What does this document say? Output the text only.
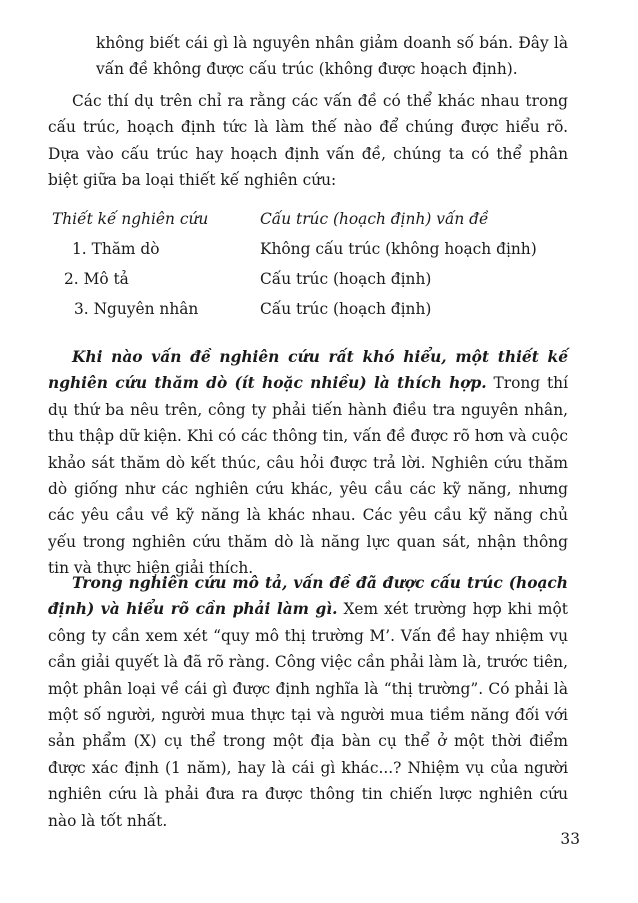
không biết cái gì là nguyên nhân giảm doanh số bán. Đây là vấn đề không được cấu trúc (không được hoạch định).
Các thí dụ trên chỉ ra rằng các vấn đề có thể khác nhau trong cấu trúc, hoạch định tức là làm thế nào để chúng được hiểu rõ. Dựa vào cấu trúc hay hoạch định vấn đề, chúng ta có thể phân biệt giữa ba loại thiết kế nghiên cứu:
Thiết kế nghiên cứu	Cấu trúc (hoạch định) vấn đề
1. Thăm dò	Không cấu trúc (không hoạch định)
2. Mô tả	Cấu trúc (hoạch định)
3. Nguyên nhân	Cấu trúc (hoạch định)
Khi nào vấn đề nghiên cứu rất khó hiểu, một thiết kế nghiên cứu thăm dò (ít hoặc nhiều) là thích hợp. Trong thí dụ thứ ba nêu trên, công ty phải tiến hành điều tra nguyên nhân, thu thập dữ kiện. Khi có các thông tin, vấn đề được rõ hơn và cuộc khảo sát thăm dò kết thúc, câu hỏi được trả lời. Nghiên cứu thăm dò giống như các nghiên cứu khác, yêu cầu các kỹ năng, nhưng các yêu cầu về kỹ năng là khác nhau. Các yêu cầu kỹ năng chủ yếu trong nghiên cứu thăm dò là năng lực quan sát, nhận thông tin và thực hiện giải thích.
Trong nghiên cứu mô tả, vấn đề đã được cấu trúc (hoạch định) và hiểu rõ cần phải làm gì. Xem xét trường hợp khi một công ty cần xem xét “quy mô thị trường M’. Vấn đề hay nhiệm vụ cần giải quyết là đã rõ ràng. Công việc cần phải làm là, trước tiên, một phân loại về cái gì được định nghĩa là “thị trường”. Có phải là một số người, người mua thực tại và người mua tiềm năng đối với sản phẩm (X) cụ thể trong một địa bàn cụ thể ở một thời điểm được xác định (1 năm), hay là cái gì khác...? Nhiệm vụ của người nghiên cứu là phải đưa ra được thông tin chiến lược nghiên cứu nào là tốt nhất.
33
